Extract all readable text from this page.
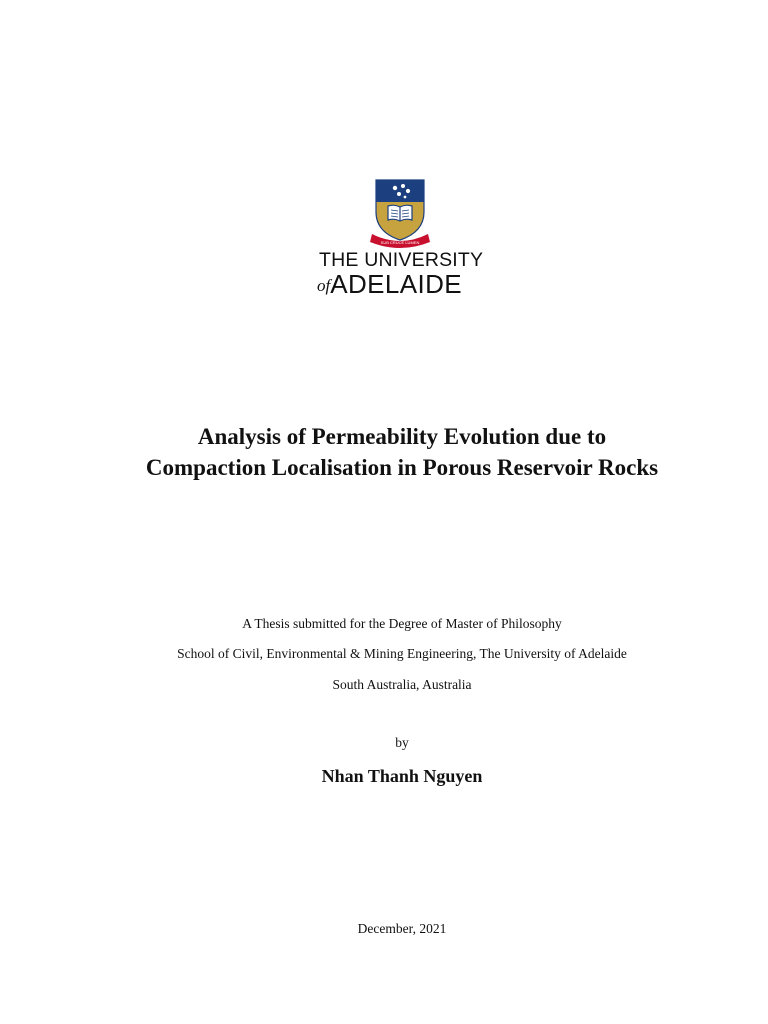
SUB CRUCE LUMEN
THE UNIVERSITY
ofADELAIDE
Analysis of Permeability Evolution due to
Compaction Localisation in Porous Reservoir Rocks
A Thesis submitted for the Degree of Master of Philosophy
School of Civil, Environmental & Mining Engineering, The University of Adelaide
South Australia, Australia
by
Nhan Thanh Nguyen
December, 2021
